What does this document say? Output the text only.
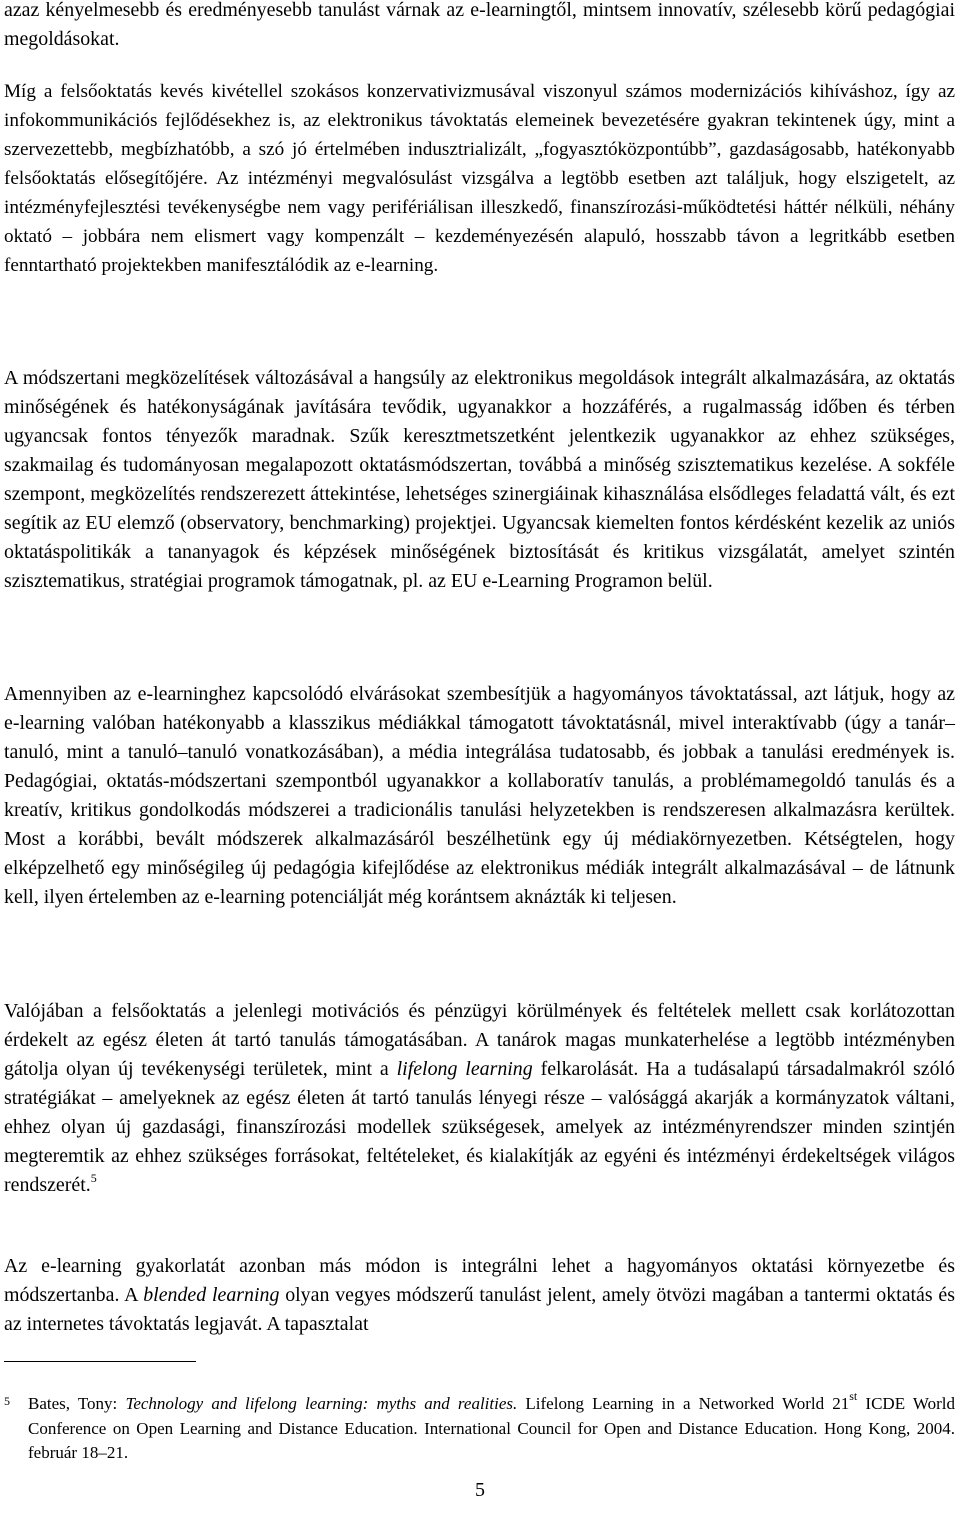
azaz kényelmesebb és eredményesebb tanulást várnak az e-learningtől, mintsem innovatív, szélesebb körű pedagógiai megoldásokat.

Míg a felsőoktatás kevés kivétellel szokásos konzervativizmusával viszonyul számos modernizációs kihíváshoz, így az infokommunikációs fejlődésekhez is, az elektronikus távoktatás elemeinek bevezetésére gyakran tekintenek úgy, mint a szervezettebb, megbízhatóbb, a szó jó értelmében indusztrializált, „fogyasztóközpontúbb”, gazdaságosabb, hatékonyabb felsőoktatás elősegítőjére. Az intézményi megvalósulást vizsgálva a legtöbb esetben azt találjuk, hogy elszigetelt, az intézményfejlesztési tevékenységbe nem vagy perifériálisan illeszkedő, finanszírozási-működtetési háttér nélküli, néhány oktató – jobbára nem elismert vagy kompenzált – kezdeményezésén alapuló, hosszabb távon a legritkább esetben fenntartható projektekben manifesztálódik az e-learning.

A módszertani megközelítések változásával a hangsúly az elektronikus megoldások integrált alkalmazására, az oktatás minőségének és hatékonyságának javítására tevődik, ugyanakkor a hozzáférés, a rugalmasság időben és térben ugyancsak fontos tényezők maradnak. Szűk keresztmetszetként jelentkezik ugyanakkor az ehhez szükséges, szakmailag és tudományosan megalapozott oktatásmódszertan, továbbá a minőség szisztematikus kezelése. A sokféle szempont, megközelítés rendszerezett áttekintése, lehetséges szinergiáinak kihasználása elsődleges feladattá vált, és ezt segítik az EU elemző (observatory, benchmarking) projektjei. Ugyancsak kiemelten fontos kérdésként kezelik az uniós oktatáspolitikák a tananyagok és képzések minőségének biztosítását és kritikus vizsgálatát, amelyet szintén szisztematikus, stratégiai programok támogatnak, pl. az EU e-Learning Programon belül.

Amennyiben az e-learninghez kapcsolódó elvárásokat szembesítjük a hagyományos távoktatással, azt látjuk, hogy az e-learning valóban hatékonyabb a klasszikus médiákkal támogatott távoktatásnál, mivel interaktívabb (úgy a tanár–tanuló, mint a tanuló–tanuló vonatkozásában), a média integrálása tudatosabb, és jobbak a tanulási eredmények is. Pedagógiai, oktatás-módszertani szempontból ugyanakkor a kollaboratív tanulás, a problémamegoldó tanulás és a kreatív, kritikus gondolkodás módszerei a tradicionális tanulási helyzetekben is rendszeresen alkalmazásra kerültek. Most a korábbi, bevált módszerek alkalmazásáról beszélhetünk egy új médiakörnyezetben. Kétségtelen, hogy elképzelhető egy minőségileg új pedagógia kifejlődése az elektronikus médiák integrált alkalmazásával – de látnunk kell, ilyen értelemben az e-learning potenciálját még korántsem aknázták ki teljesen.

Valójában a felsőoktatás a jelenlegi motivációs és pénzügyi körülmények és feltételek mellett csak korlátozottan érdekelt az egész életen át tartó tanulás támogatásában. A tanárok magas munkaterhelése a legtöbb intézményben gátolja olyan új tevékenységi területek, mint a lifelong learning felkarolását. Ha a tudásalapú társadalmakról szóló stratégiákat – amelyeknek az egész életen át tartó tanulás lényegi része – valósággá akarják a kormányzatok váltani, ehhez olyan új gazdasági, finanszírozási modellek szükségesek, amelyek az intézményrendszer minden szintjén megteremtik az ehhez szükséges forrásokat, feltételeket, és kialakítják az egyéni és intézményi érdekeltségek világos rendszerét.$^5$

Az e-learning gyakorlatát azonban más módon is integrálni lehet a hagyományos oktatási környezetbe és módszertanba. A blended learning olyan vegyes módszerű tanulást jelent, amely ötvözi magában a tantermi oktatás és az internetes távoktatás legjavát. A tapasztalat

5	Bates, Tony: Technology and lifelong learning: myths and realities. Lifelong Learning in a Networked World 21st ICDE World Conference on Open Learning and Distance Education. International Council for Open and Distance Education. Hong Kong, 2004. február 18–21.
5
